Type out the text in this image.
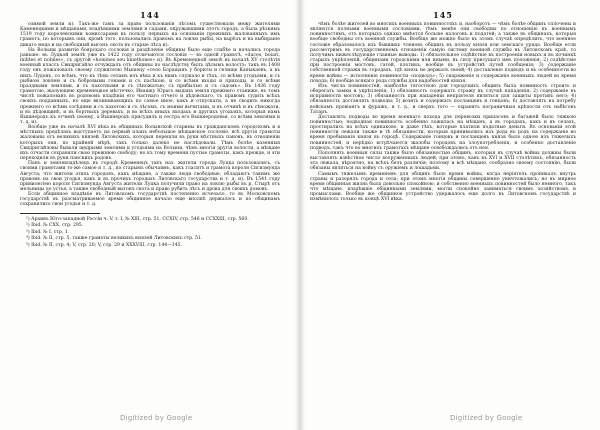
144

озимой земли и). Такъ-же тамъ за право пользованія лѣсомъ существовали межу жителями Каменецкими и мѣщанами, владѣвшими землями и садами, окружавшими этотъ городъ, а была рѣзкимъ 1519 году королевскими комиссарами въ пользу первыхъ на основаніи прежнихъ жалованныхъ имъ грамотъ, по которымъ они, кромѣ того, пользовались правомъ на ловлю рыбы, на вырѣзъ и на выбираніе дикаго меда и на свободный выгонъ скота въ старые лѣса и).

На Волыни развитіе боярскаго сословія и раздѣленіе общины было еще слабѣе и начались города раньше: въ Луцкой землѣ уже въ 1422 году отличаются сословія — въ одной грамотѣ, «duces, boiari, milites et nobiles», съ другой «homines seu kmethones» и). Въ Кременецкой землѣ въ началѣ XV столѣтія военный классъ Свидригайло отчуждалъ отъ общины по наслѣдству былъ цѣлымъ волостъ: такъ въ 1408 году онъ пожаловалъ своему служителю Мышецу «село Боращанъ у бориты и селище Капыкаевъ, а въ нихъ Лудонъ, со всѣмъ, что къ тѣмъ селамъ изъ вѣка и къ нимъ слушало и тѣхъ, со всѣми угодьями, и съ рыбною ловлею и съ бобровыми гонами и съ пасѣкою, и со всѣми входы и приходы, и со всѣми праздными землями, и съ пахотными и съ сѣножатью, съ прибылью и съ садомъ». Въ 1436 году грамотою, жалующею кременецкое мѣстечко, Ивашку Юраго выдана земля прежнего станиже, въ томъ числѣ пожалованъ въ родовомъ владѣніи его частнаго отчего и дѣдовскаго, съ правомъ судить всѣхъ своихъ подданныхъ, но еще вклинивающихъ по самое иное, какъ и отпускати, а не сводить никогда прежнего со всѣми сосѣдями и съ пахотою и съ лѣсомъ, съ моими вычитами, и въ отчинѣ и въ сѣножати, и въ дѣдовщинѣ, и въ бортныхъ деревахъ, и во всѣхъ иныхъ входахъ и другихъ угодьяхъ, которыя намъ Вышнеродъ къ отчинѣ своему, а Вышнеродъ присудилъ и сестра его Вышнеродовая, со всѣми землями и т. д. и).

Вообще уже въ началѣ XVI вѣка въ общинахъ Волынской старины въ гражданскомъ городскомъ и в мѣстныхъ предѣлахъ выступаетъ на первый планъ небольшое мѣщанское сословіе, всѣ другія грамоты жалованы отъ великихъ князей Литовскихъ, которыя перешли въ руки мѣстныхъ пановъ, въ отношеніи которыхъ они, по крайней мѣрѣ, такъ только далеко не наслѣдовали. Тѣмъ болѣе казенныя Свидригайловы бывали щедрыми землями и угодьями на Волыни, чѣмъ многія другія волости, а мѣщане ихъ отчасти сохраняли свою прежнюю свободу; но къ тому времени пустые грамоты, какъ прежде, и эти переходили въ руки панскихъ родовъ.

Панъ и землевладѣлецъ въ городѣ Кременецъ такъ наз. жители города Луцка пользовались, съ своими грамотами то-же самое и т. д., по старымъ обычаямъ, какъ гласитъ и грамота короля Сигизмунда Августа; что жители этихъ городовъ, какъ мѣщане, а также люди свободные, обладаютъ такимъ же правомъ на свои угодья, какъ и въ прочихъ городахъ Литовскаго государства и т. д. и). Въ 1541 году привилегіею короля Сигизмунда Августа жители Луцка получили право на ловлю рыбы въ р. Стырѣ отъ мельницы до устья, а также свободный выгонъ скота и право рубить лѣсъ и дрова для своихъ домовъ.

Если общинное владѣніе въ Литовскомъ государствѣ постепенно исчезало, то въ Московскомъ государствѣ въ разсматриваемое время общинное начало еще вполнѣ держалось и по общинамъ сохранялись свои угодья и т. д.

¹) Архивъ Юго-западной Россіи ч. V, т. I, № XIII, стр. 51, CCXIV, стр. 546 и CCXXIII, стр. 560.

²) Ibid. № CXX, стр. 295.

³) Ibid. № I, стр. 1.

⁴) Ibid. № II, стр. 5, также грамоты великихъ князей Литовскихъ стр. 51.

⁵) Ibid. № II, стр. 4; V, стр. 20; V, стр. 29 и XXXVIII, стр. 144—145.

Digitized by Google
145

чѣмъ болѣе жителей во многихъ военныхъ повинностяхъ и, наоборотъ — чѣмъ болѣе общинъ сплочены и являются полными военными сословіями, тѣмъ менѣе они свободны по отношенію къ военнымъ повинностямъ, отъ которыхъ однако имѣется больше налоговъ и податей; а также въ общинахъ, которыя вообще свободны отъ военной службы. Вообще же можно было въ этомъ случаѣ опредѣлить, что военное сословіе образовалось изъ бывшихъ членовъ общинъ въ пользу князя или земскаго уряда. Вообще если рассмотримъ въ государственномъ отношеніи самую систему военной службы въ Литовскомъ краѣ, то получимъ нижеслѣдующіе главные выводы: 1) обязательное содѣйствіе въ построеніи новыхъ и въ починкѣ старыхъ укрѣпленій, общинами городскими или иными, въ силу присущаго имъ положенія; 2) содѣйствіе при построеніи мостовъ, гатей, плотинъ, вообще въ устройствѣ путей сообщенія; 3) содержаніе собственной стражи въ городахъ, гдѣ князь не держалъ своей; 4) доставленіе подводъ и въ особенности во время войны — исполненіе повинности «подводъ»; 5) снаряженіе и содержаніе военныхъ людей во время похода; 6) вообще всякаго рода службы для надобностей князя.

Изъ числа повинностей, наиболѣе тягостною для городскихъ общинъ была повинность строить и оберегать замки и укрѣпленія; 1) обязанность содержать стражу въ случаѣ нападенія; 2) содержаніе въ исправности мостовъ; 3) обязанность при нападеніи непріятеля являться для защиты противъ него; 4) обязанность доставлять подводы; 5) возить и содержать посланцевъ и гонцовъ; 6) доставлять на потребу войскамъ провіантъ и фуражъ, и т. д., и сверхъ того — охранять пограничныя крѣпости отъ набѣговъ Татаръ.

Доставлять подводы во время военнаго похода для перевозки припасовъ и багажей было тяжкою повинностью; подводная повинность особенно ложилась на мѣщанъ, а въ городахъ, какъ и въ селахъ, простирались на всѣхъ одинаково, и даже тѣхъ, которые платили податные деньги. Въ основаніи этой повинности лежали также и тѣ обязанности, которыя принимались изъ рода въ родъ на содержаніе во время пребыванія князя въ городѣ. Содержаніе гонцовъ и посланцевъ князя было одною изъ тяжелыхъ повинностей, и нерѣдко встрѣчаются жалобы городовъ на злоупотребленія, и особенно доставленіе подводъ, такъ что во многихъ грамотахъ мѣщане освобождались отъ нея.

Пополнять военныя силы также было обязанностью общинъ, которыя въ случаѣ войны должны были выставлять извѣстное число вооруженныхъ людей; при этомъ, какъ въ XVI и XVII столѣтіяхъ, обязанность эта лежала, вѣроятно, на всѣхъ безъ различія; поэтому и всѣ мѣщане, сообразно своему состоянію, были обязаны являться на войну съ оружіемъ и лошадьми.

Самымъ тяжелымъ временемъ для общинъ было время войны, когда неріятель проникалъ внутрь страны и разорялъ города и села; при этомъ многія общины совершенно уничтожались; но въ мирное время общинная жизнь была довольно спокойною, и собственно военныхъ повинностей было немного, такъ что мѣщане, владѣвшіе общинными землями, могли спокойно заниматься своимъ хозяйствомъ и промыслами. Вообще же общинное устройство удержалось еще долго въ Литовскомъ государствѣ и измѣнилось только въ концѣ XVI вѣка.

Digitized by Google
